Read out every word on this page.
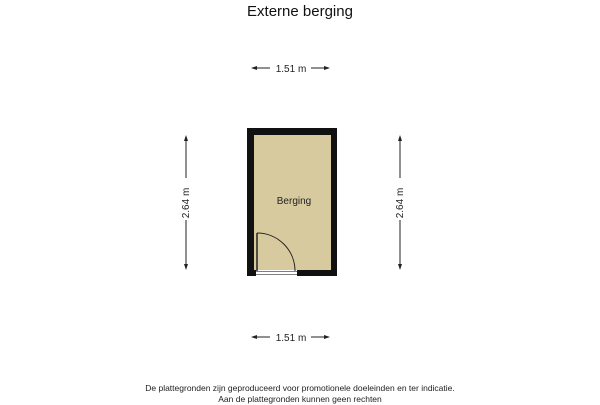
Externe berging
1.51 m
1.51 m
2.64 m	2.64 m
Berging
De plattegronden zijn geproduceerd voor promotionele doeleinden en ter indicatie.
Aan de plattegronden kunnen geen rechten
